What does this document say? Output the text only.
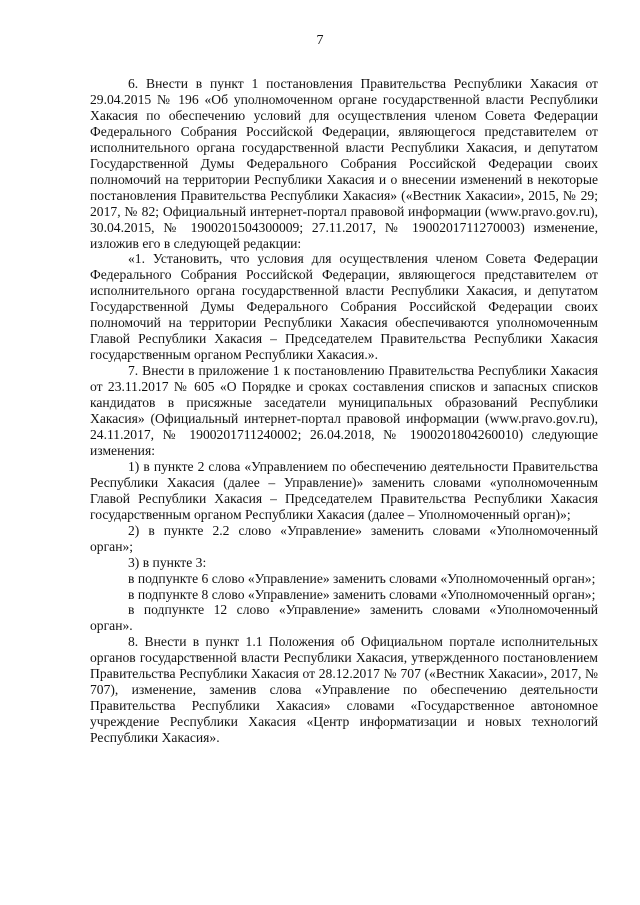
7

6. Внести в пункт 1 постановления Правительства Республики Хакасия от 29.04.2015 № 196 «Об уполномоченном органе государственной власти Республики Хакасия по обеспечению условий для осуществления членом Совета Федерации Федерального Собрания Российской Федерации, являющегося представителем от исполнительного органа государственной власти Республики Хакасия, и депутатом Государственной Думы Федерального Собрания Российской Федерации своих полномочий на территории Республики Хакасия и о внесении изменений в некоторые постановления Правительства Республики Хакасия» («Вестник Хакасии», 2015, № 29; 2017, № 82; Официальный интернет-портал правовой информации (www.pravo.gov.ru), 30.04.2015, № 1900201504300009; 27.11.2017, № 1900201711270003) изменение, изложив его в следующей редакции:

«1. Установить, что условия для осуществления членом Совета Федерации Федерального Собрания Российской Федерации, являющегося представителем от исполнительного органа государственной власти Республики Хакасия, и депутатом Государственной Думы Федерального Собрания Российской Федерации своих полномочий на территории Республики Хакасия обеспечиваются уполномоченным Главой Республики Хакасия – Председателем Правительства Республики Хакасия государственным органом Республики Хакасия.».

7. Внести в приложение 1 к постановлению Правительства Республики Хакасия от 23.11.2017 № 605 «О Порядке и сроках составления списков и запасных списков кандидатов в присяжные заседатели муниципальных образований Республики Хакасия» (Официальный интернет-портал правовой информации (www.pravo.gov.ru), 24.11.2017, № 1900201711240002; 26.04.2018, № 1900201804260010) следующие изменения:

1) в пункте 2 слова «Управлением по обеспечению деятельности Правительства Республики Хакасия (далее – Управление)» заменить словами «уполномоченным Главой Республики Хакасия – Председателем Правительства Республики Хакасия государственным органом Республики Хакасия (далее – Уполномоченный орган)»;

2) в пункте 2.2 слово «Управление» заменить словами «Уполномоченный орган»;

3) в пункте 3:

в подпункте 6 слово «Управление» заменить словами «Уполномоченный орган»;

в подпункте 8 слово «Управление» заменить словами «Уполномоченный орган»;

в подпункте 12 слово «Управление» заменить словами «Уполномоченный орган».

8. Внести в пункт 1.1 Положения об Официальном портале исполнительных органов государственной власти Республики Хакасия, утвержденного постановлением Правительства Республики Хакасия от 28.12.2017 № 707 («Вестник Хакасии», 2017, № 707), изменение, заменив слова «Управление по обеспечению деятельности Правительства Республики Хакасия» словами «Государственное автономное учреждение Республики Хакасия «Центр информатизации и новых технологий Республики Хакасия».
